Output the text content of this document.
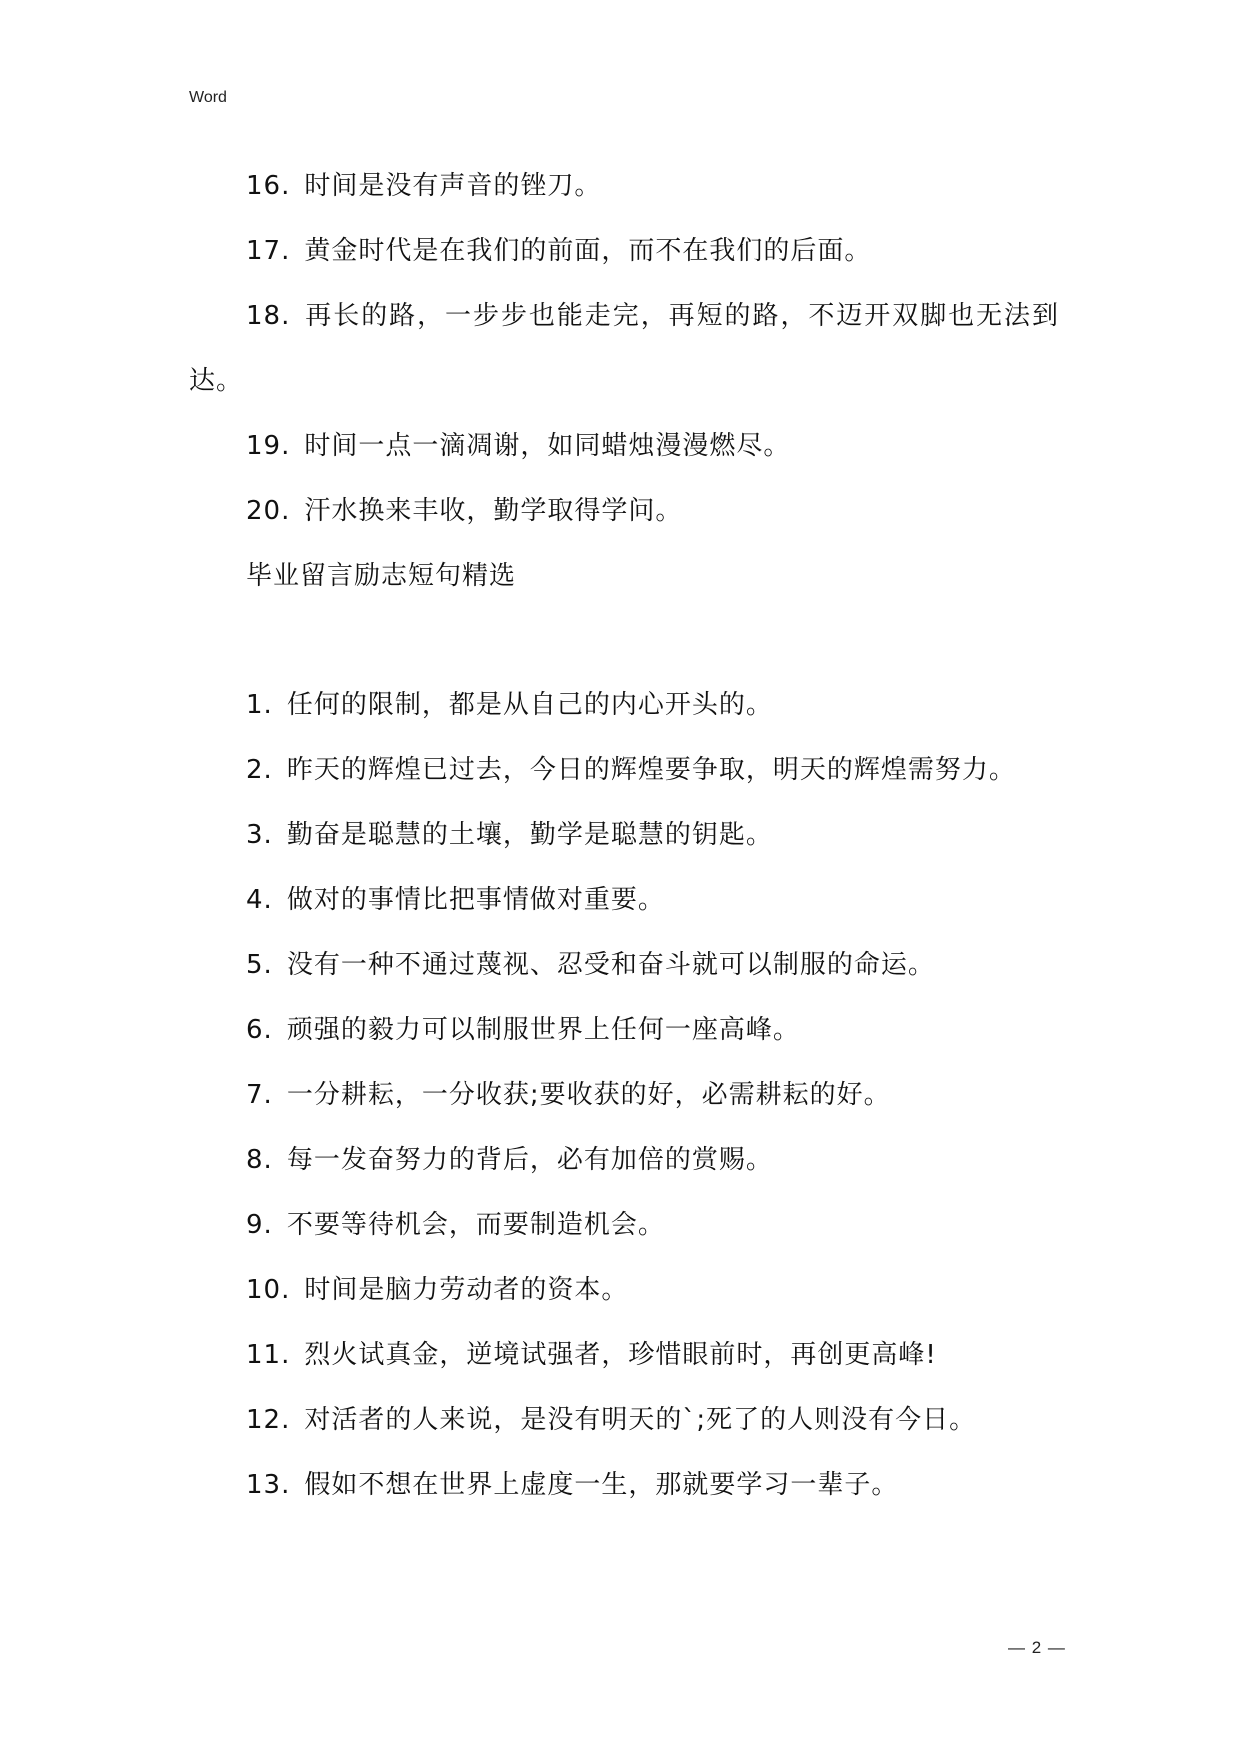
Word

16. 时间是没有声音的锉刀。

17. 黄金时代是在我们的前面，而不在我们的后面。

18. 再长的路，一步步也能走完，再短的路，不迈开双脚也无法到达。

19. 时间一点一滴凋谢，如同蜡烛漫漫燃尽。

20. 汗水换来丰收，勤学取得学问。

毕业留言励志短句精选

1. 任何的限制，都是从自己的内心开头的。

2. 昨天的辉煌已过去，今日的辉煌要争取，明天的辉煌需努力。

3. 勤奋是聪慧的土壤，勤学是聪慧的钥匙。

4. 做对的事情比把事情做对重要。

5. 没有一种不通过蔑视、忍受和奋斗就可以制服的命运。

6. 顽强的毅力可以制服世界上任何一座高峰。

7. 一分耕耘，一分收获;要收获的好，必需耕耘的好。

8. 每一发奋努力的背后，必有加倍的赏赐。

9. 不要等待机会，而要制造机会。

10. 时间是脑力劳动者的资本。

11. 烈火试真金，逆境试强者，珍惜眼前时，再创更高峰!

12. 对活者的人来说，是没有明天的`;死了的人则没有今日。

13. 假如不想在世界上虚度一生，那就要学习一辈子。

— 2 —
